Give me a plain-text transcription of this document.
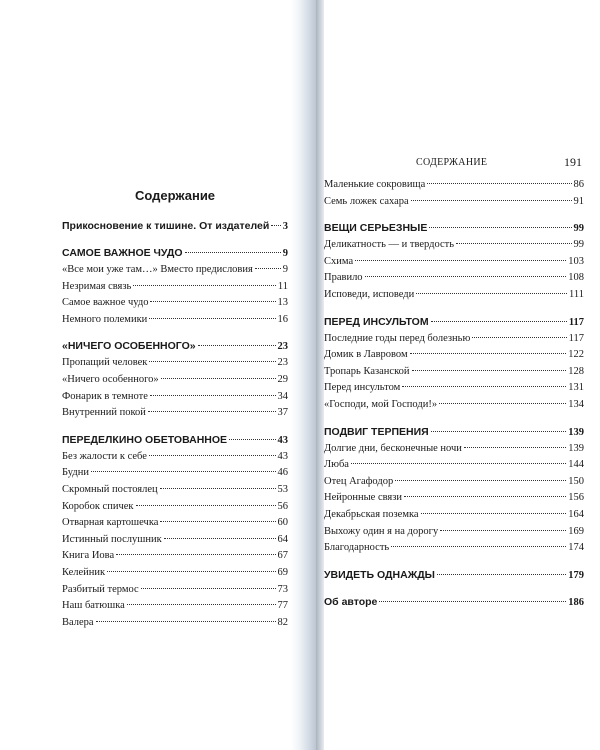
Содержание
Прикосновение к тишине. От издателей 3
САМОЕ ВАЖНОЕ ЧУДО	9
«Все мои уже там…» Вместо предисловия	9
Незримая связь	11
Самое важное чудо	13
Немного полемики	16
«НИЧЕГО ОСОБЕННОГО»	23
Пропащий человек	23
«Ничего особенного»	29
Фонарик в темноте	34
Внутренний покой	37
ПЕРЕДЕЛКИНО ОБЕТОВАННОЕ	43
Без жалости к себе	43
Будни	46
Скромный постоялец	53
Коробок спичек	56
Отварная картошечка	60
Истинный послушник	64
Книга Иова	67
Келейник	69
Разбитый термос	73
Наш батюшка	77
Валера	82
СОДЕРЖАНИЕ	191
Маленькие сокровища	86
Семь ложек сахара	91
ВЕЩИ СЕРЬЕЗНЫЕ	99
Деликатность — и твердость	99
Схима	103
Правило	108
Исповеди, исповеди	111
ПЕРЕД ИНСУЛЬТОМ	117
Последние годы перед болезнью	117
Домик в Лавровом	122
Тропарь Казанской	128
Перед инсультом	131
«Господи, мой Господи!»	134
ПОДВИГ ТЕРПЕНИЯ	139
Долгие дни, бесконечные ночи	139
Люба	144
Отец Агафодор	150
Нейронные связи	156
Декабрьская поземка	164
Выхожу один я на дорогу	169
Благодарность	174
УВИДЕТЬ ОДНАЖДЫ	179
Об авторе	186
